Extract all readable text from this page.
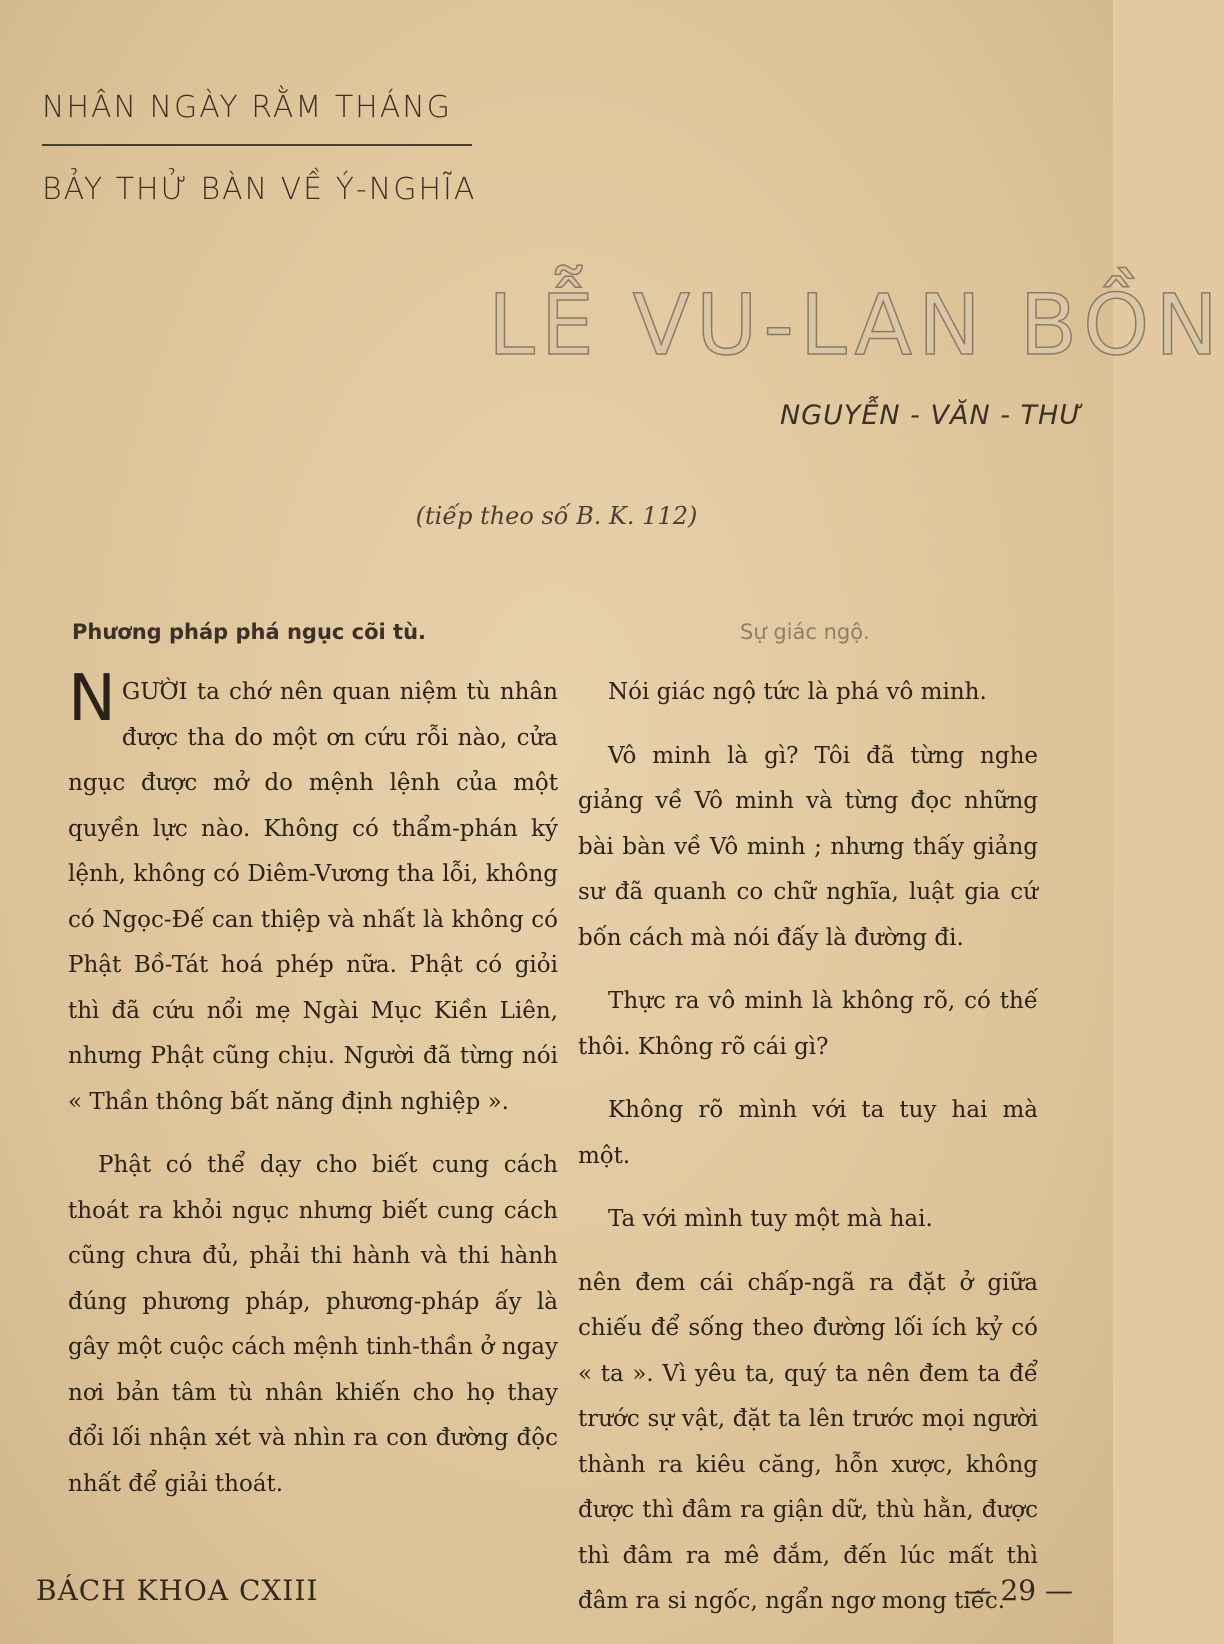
NHÂN NGÀY RẰM THÁNG
BẢY THỬ BÀN VỀ Ý-NGHĨA
LỄ VU-LAN BỒN
NGUYỄN - VĂN - THƯ
(tiếp theo số B. K. 112)
Phương pháp phá ngục cõi tù.	Sự giác ngộ.

NGƯỜI ta chớ nên quan niệm tù nhân được tha do một ơn cứu rỗi nào, cửa ngục được mở do mệnh lệnh của một quyền lực nào. Không có thẩm-phán ký lệnh, không có Diêm-Vương tha lỗi, không có Ngọc-Đế can thiệp và nhất là không có Phật Bồ-Tát hoá phép nữa. Phật có giỏi thì đã cứu nổi mẹ Ngài Mục Kiền Liên, nhưng Phật cũng chịu. Người đã từng nói « Thần thông bất năng định nghiệp ».

Phật có thể dạy cho biết cung cách thoát ra khỏi ngục nhưng biết cung cách cũng chưa đủ, phải thi hành và thi hành đúng phương pháp, phương-pháp ấy là gây một cuộc cách mệnh tinh-thần ở ngay nơi bản tâm tù nhân khiến cho họ thay đổi lối nhận xét và nhìn ra con đường độc nhất để giải thoát.

Nói giác ngộ tức là phá vô minh.

Vô minh là gì? Tôi đã từng nghe giảng về Vô minh và từng đọc những bài bàn về Vô minh ; nhưng thấy giảng sư đã quanh co chữ nghĩa, luật gia cứ bốn cách mà nói đấy là đường đi.

Thực ra vô minh là không rõ, có thế thôi. Không rõ cái gì?

Không rõ mình với ta tuy hai mà một.

Ta với mình tuy một mà hai.

nên đem cái chấp-ngã ra đặt ở giữa chiếu để sống theo đường lối ích kỷ có « ta ». Vì yêu ta, quý ta nên đem ta để trước sự vật, đặt ta lên trước mọi người thành ra kiêu căng, hỗn xược, không được thì đâm ra giận dữ, thù hằn, được thì đâm ra mê đắm, đến lúc mất thì đâm ra si ngốc, ngẩn ngơ mong tiếc.

BÁCH KHOA CXIII	— 29 —
